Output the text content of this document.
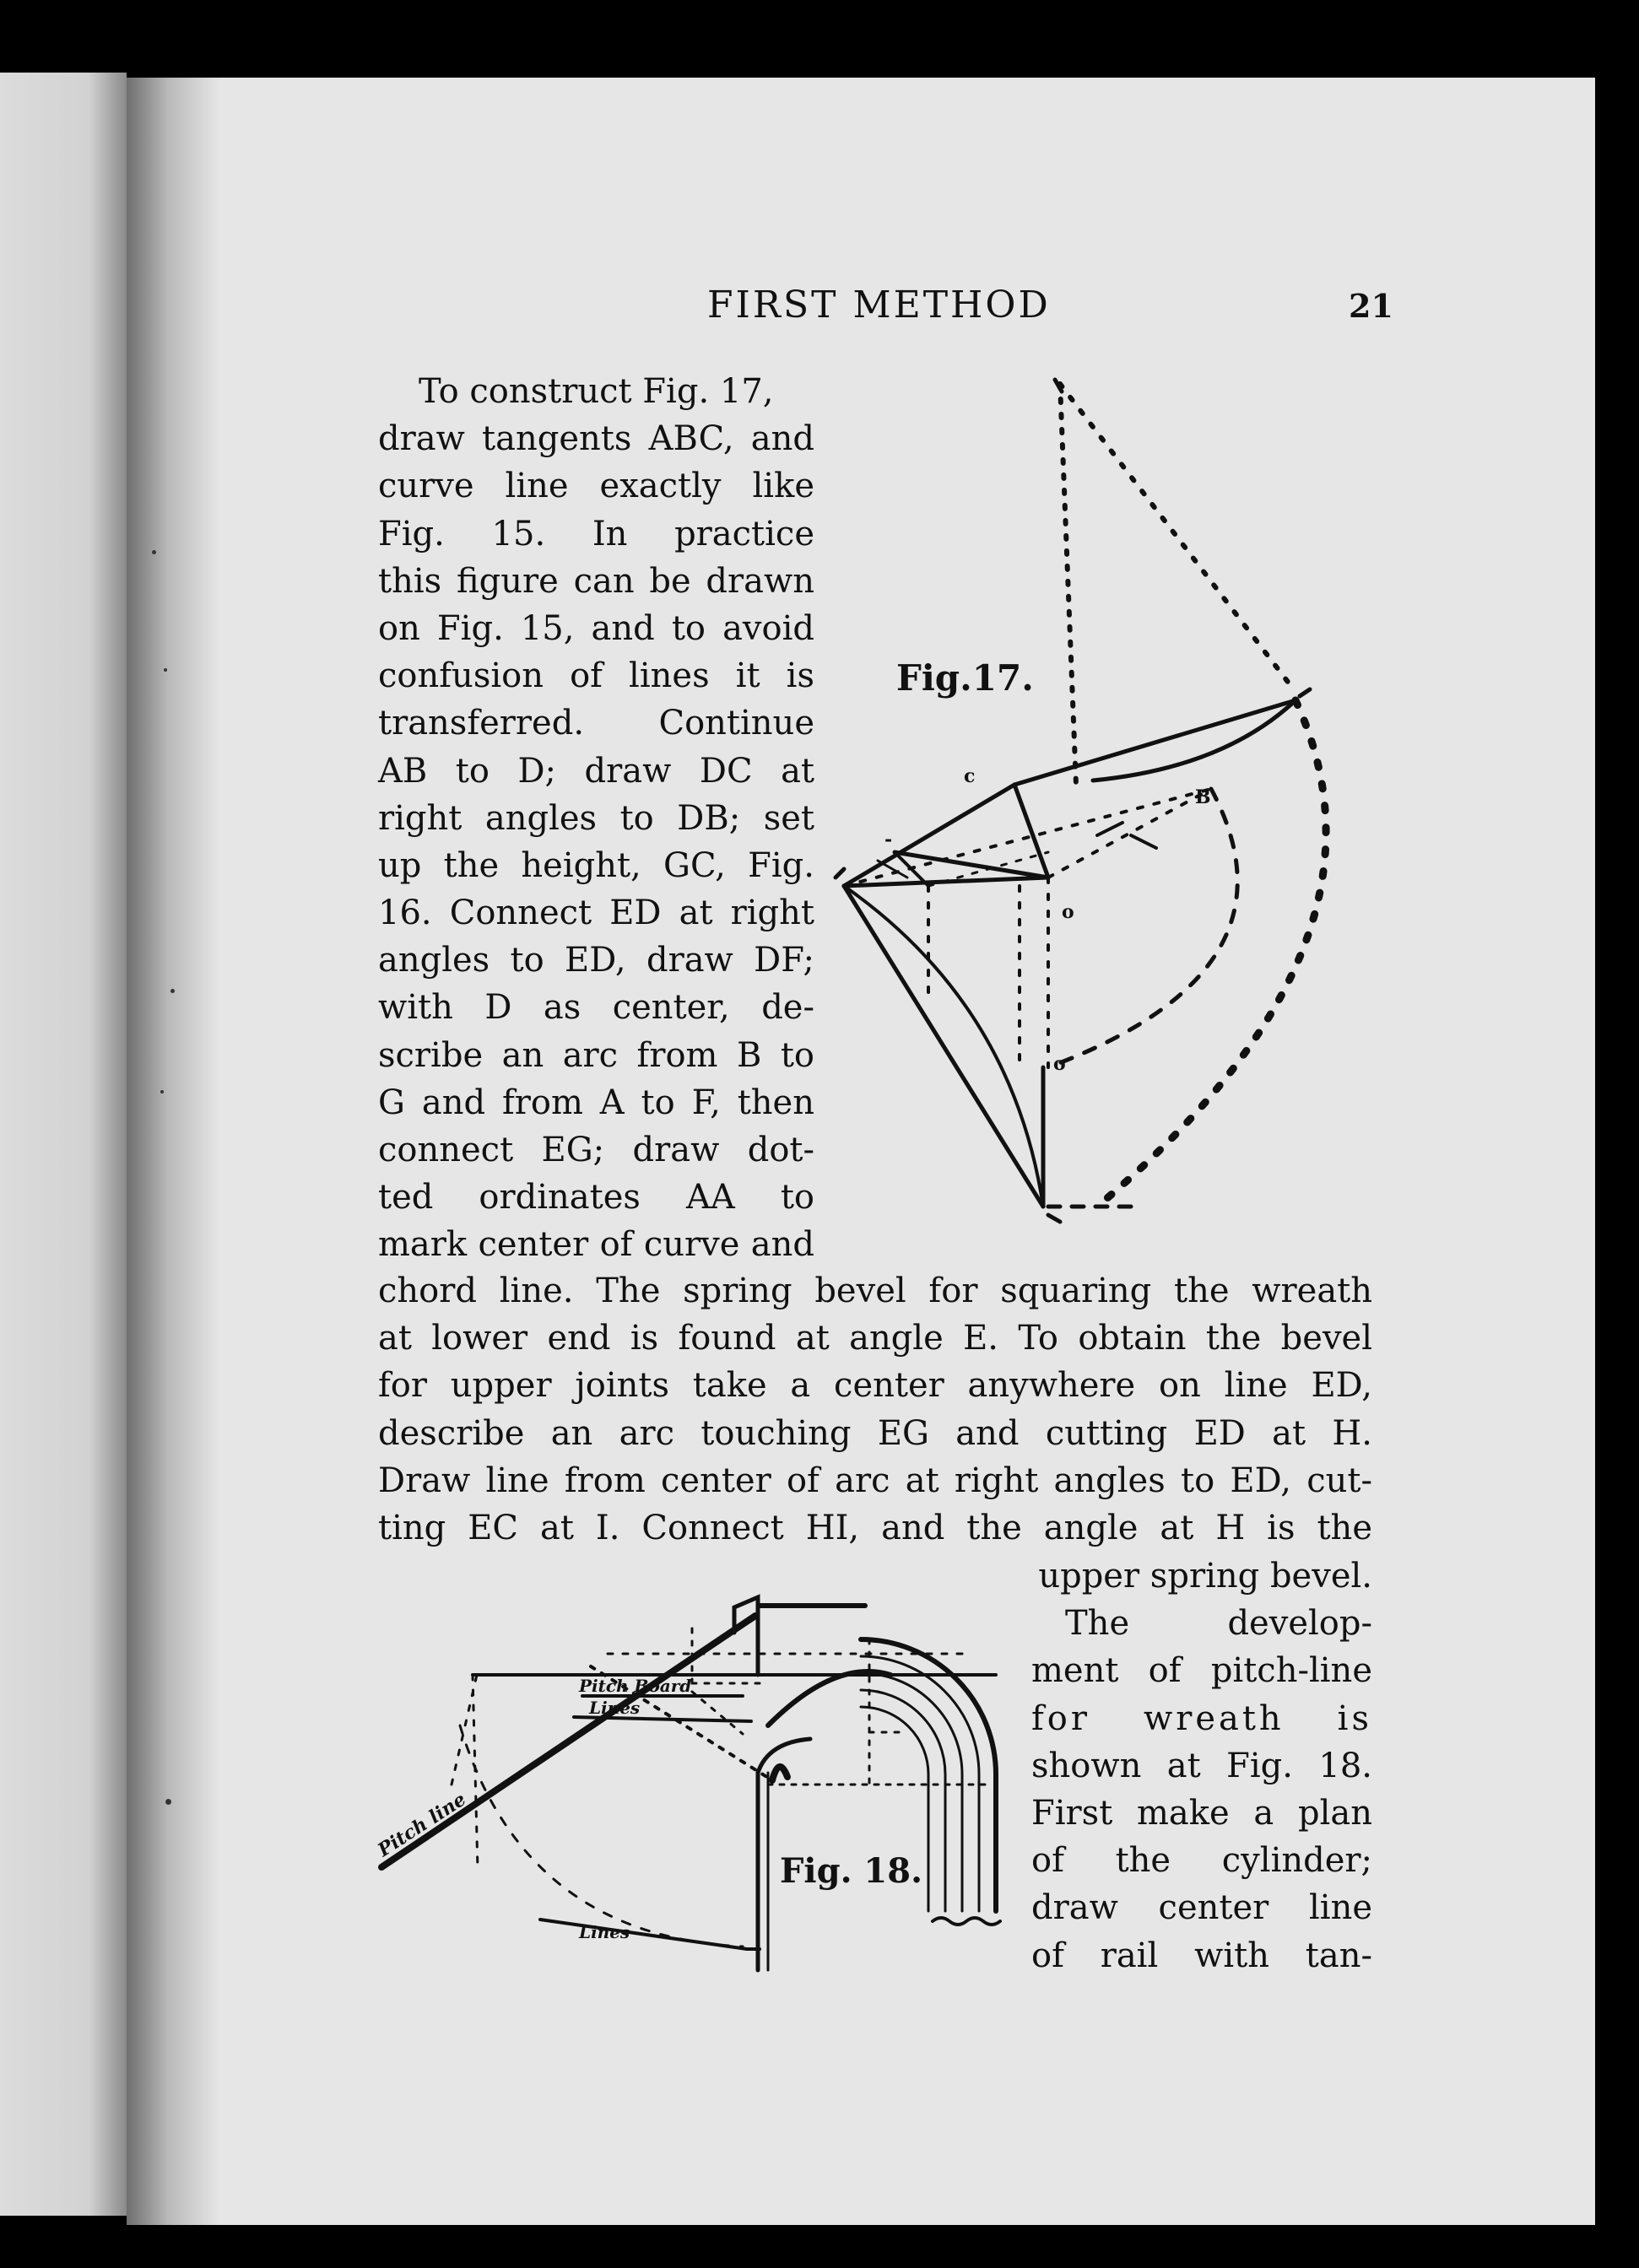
FIRST METHOD	21
To construct Fig. 17,
draw tangents ABC, and
curve line exactly like
Fig. 15. In practice
this figure can be drawn
on Fig. 15, and to avoid
confusion of lines it is
transferred. Continue
AB to D; draw DC at
right angles to DB; set
up the height, GC, Fig.
16. Connect ED at right
angles to ED, draw DF;
with D as center, de-
scribe an arc from B to
G and from A to F, then
connect EG; draw dot-
ted ordinates AA to
mark center of curve and
chord line. The spring bevel for squaring the wreath
at lower end is found at angle E. To obtain the bevel
for upper joints take a center anywhere on line ED,
describe an arc touching EG and cutting ED at H.
Draw line from center of arc at right angles to ED, cut-
ting EC at I. Connect HI, and the angle at H is the
upper spring bevel.
The develop-
ment of pitch-line
for wreath is
shown at Fig. 18.
First make a plan
of the cylinder;
draw center line
of rail with tan-
c
-
o
o
B
Fig.17.
Pitch line
Pitch Board
Lines
Lines
Fig. 18.
